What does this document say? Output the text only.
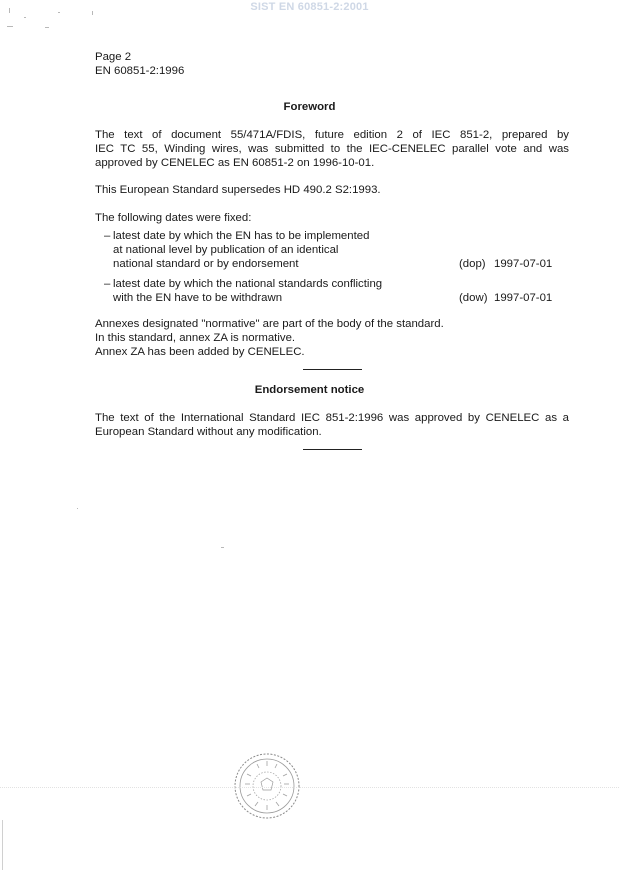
SIST EN 60851-2:2001
Page 2
EN 60851-2:1996
Foreword
The text of document 55/471A/FDIS, future edition 2 of IEC 851-2, prepared by
IEC TC 55, Winding wires, was submitted to the IEC-CENELEC parallel vote and was
approved by CENELEC as EN 60851-2 on 1996-10-01.
This European Standard supersedes HD 490.2 S2:1993.
The following dates were fixed:
– latest date by which the EN has to be implemented
at national level by publication of an identical
national standard or by endorsement	(dop) 1997-07-01
– latest date by which the national standards conflicting
with the EN have to be withdrawn	(dow) 1997-07-01
Annexes designated "normative" are part of the body of the standard.
In this standard, annex ZA is normative.
Annex ZA has been added by CENELEC.
Endorsement notice
The text of the International Standard IEC 851-2:1996 was approved by CENELEC as a
European Standard without any modification.
